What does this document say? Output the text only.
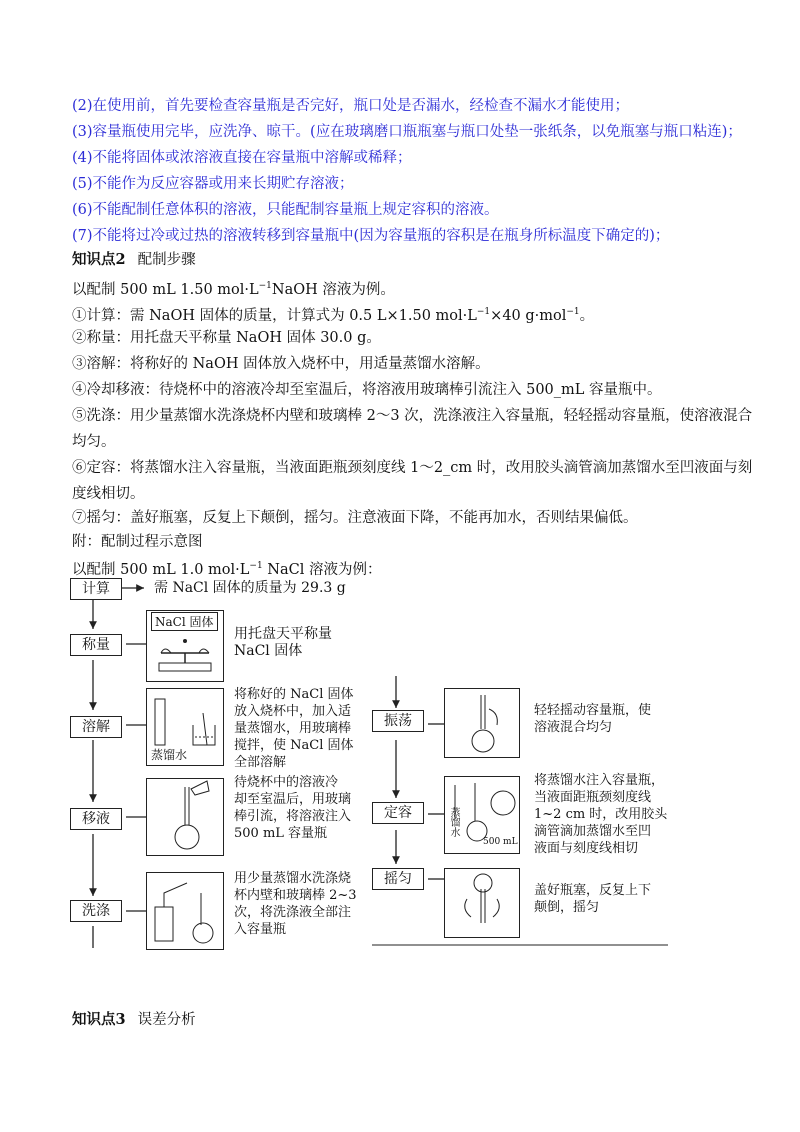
(2)在使用前，首先要检查容量瓶是否完好，瓶口处是否漏水，经检查不漏水才能使用；
(3)容量瓶使用完毕，应洗净、晾干。(应在玻璃磨口瓶瓶塞与瓶口处垫一张纸条，以免瓶塞与瓶口粘连)；
(4)不能将固体或浓溶液直接在容量瓶中溶解或稀释；
(5)不能作为反应容器或用来长期贮存溶液；
(6)不能配制任意体积的溶液，只能配制容量瓶上规定容积的溶液。
(7)不能将过冷或过热的溶液转移到容量瓶中(因为容量瓶的容积是在瓶身所标温度下确定的)；
知识点2 配制步骤
以配制 500 mL 1.50 $mol\cdot L^{-1}NaOH$ 溶液为例。
①计算：需 NaOH 固体的质量，计算式为 0.5 L×1.50 $mol\cdot L^{-1}\times 40$ g·mol$^{-1}$。
②称量：用托盘天平称量 NaOH 固体 30.0 g。
③溶解：将称好的 NaOH 固体放入烧杯中，用适量蒸馏水溶解。
④冷却移液：待烧杯中的溶液冷却至室温后，将溶液用玻璃棒引流注入 500_mL 容量瓶中。
⑤洗涤：用少量蒸馏水洗涤烧杯内壁和玻璃棒 2～3 次，洗涤液注入容量瓶，轻轻摇动容量瓶，使溶液混合
均匀。
⑥定容：将蒸馏水注入容量瓶，当液面距瓶颈刻度线 1～2_cm 时，改用胶头滴管滴加蒸馏水至凹液面与刻
度线相切。
⑦摇匀：盖好瓶塞，反复上下颠倒，摇匀。注意液面下降，不能再加水，否则结果偏低。
附：配制过程示意图
以配制 500 mL 1.0 $mol\cdot L^{-1}$ NaCl 溶液为例：
计算	需 NaCl 固体的质量为 29.3 g
称量
NaCl 固体
用托盘天平称量
NaCl 固体
溶解
蒸馏水
将称好的 NaCl 固体
放入烧杯中，加入适
量蒸馏水，用玻璃棒
搅拌，使 NaCl 固体
全部溶解
移液
待烧杯中的溶液冷
却至室温后，用玻璃
棒引流，将溶液注入
500 mL 容量瓶
洗涤
用少量蒸馏水洗涤烧
杯内壁和玻璃棒 2~3
次，将洗涤液全部注
入容量瓶
振荡
轻轻摇动容量瓶，使
溶液混合均匀
定容	蒸馏水
500 mL
将蒸馏水注入容量瓶，
当液面距瓶颈刻度线
1~2 cm 时，改用胶头
滴管滴加蒸馏水至凹
液面与刻度线相切
摇匀
盖好瓶塞，反复上下
颠倒，摇匀
知识点3 误差分析
